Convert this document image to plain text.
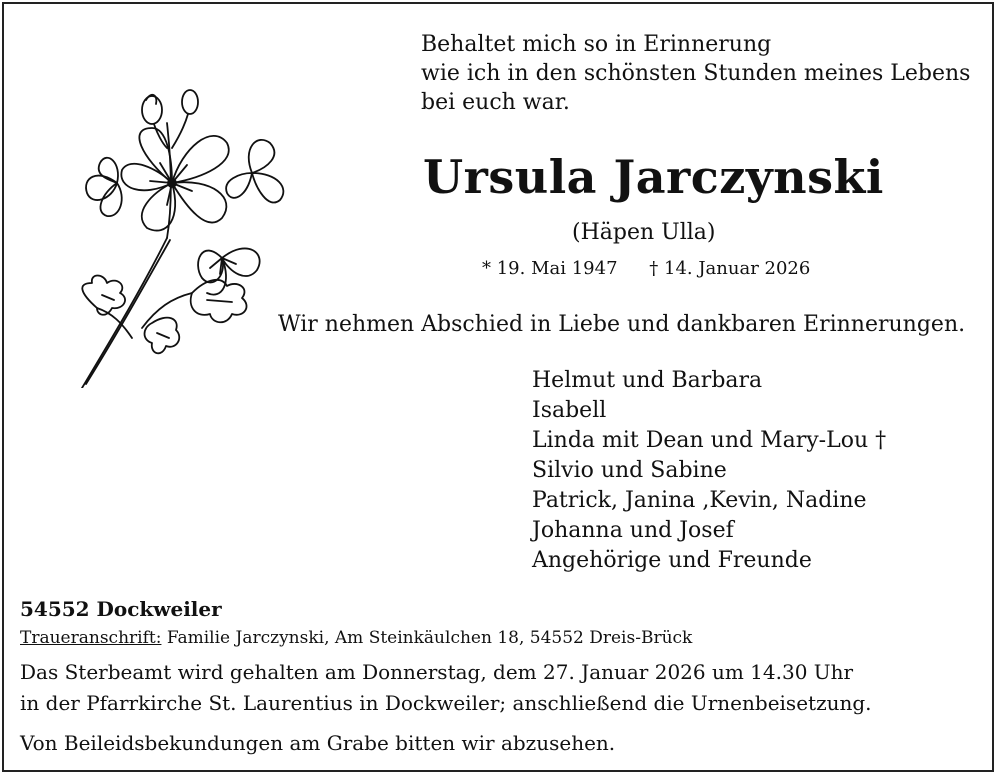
Behaltet mich so in Erinnerung
wie ich in den schönsten Stunden meines Lebens
bei euch war.
Ursula Jarczynski
(Häpen Ulla)
* 19. Mai 1947 † 14. Januar 2026
Wir nehmen Abschied in Liebe und dankbaren Erinnerungen.
Helmut und Barbara
Isabell
Linda mit Dean und Mary-Lou †
Silvio und Sabine
Patrick, Janina ,Kevin, Nadine
Johanna und Josef
Angehörige und Freunde
54552 Dockweiler
Traueranschrift: Familie Jarczynski, Am Steinkäulchen 18, 54552 Dreis-Brück
Das Sterbeamt wird gehalten am Donnerstag, dem 27. Januar 2026 um 14.30 Uhr
in der Pfarrkirche St. Laurentius in Dockweiler; anschließend die Urnenbeisetzung.
Von Beileidsbekundungen am Grabe bitten wir abzusehen.
